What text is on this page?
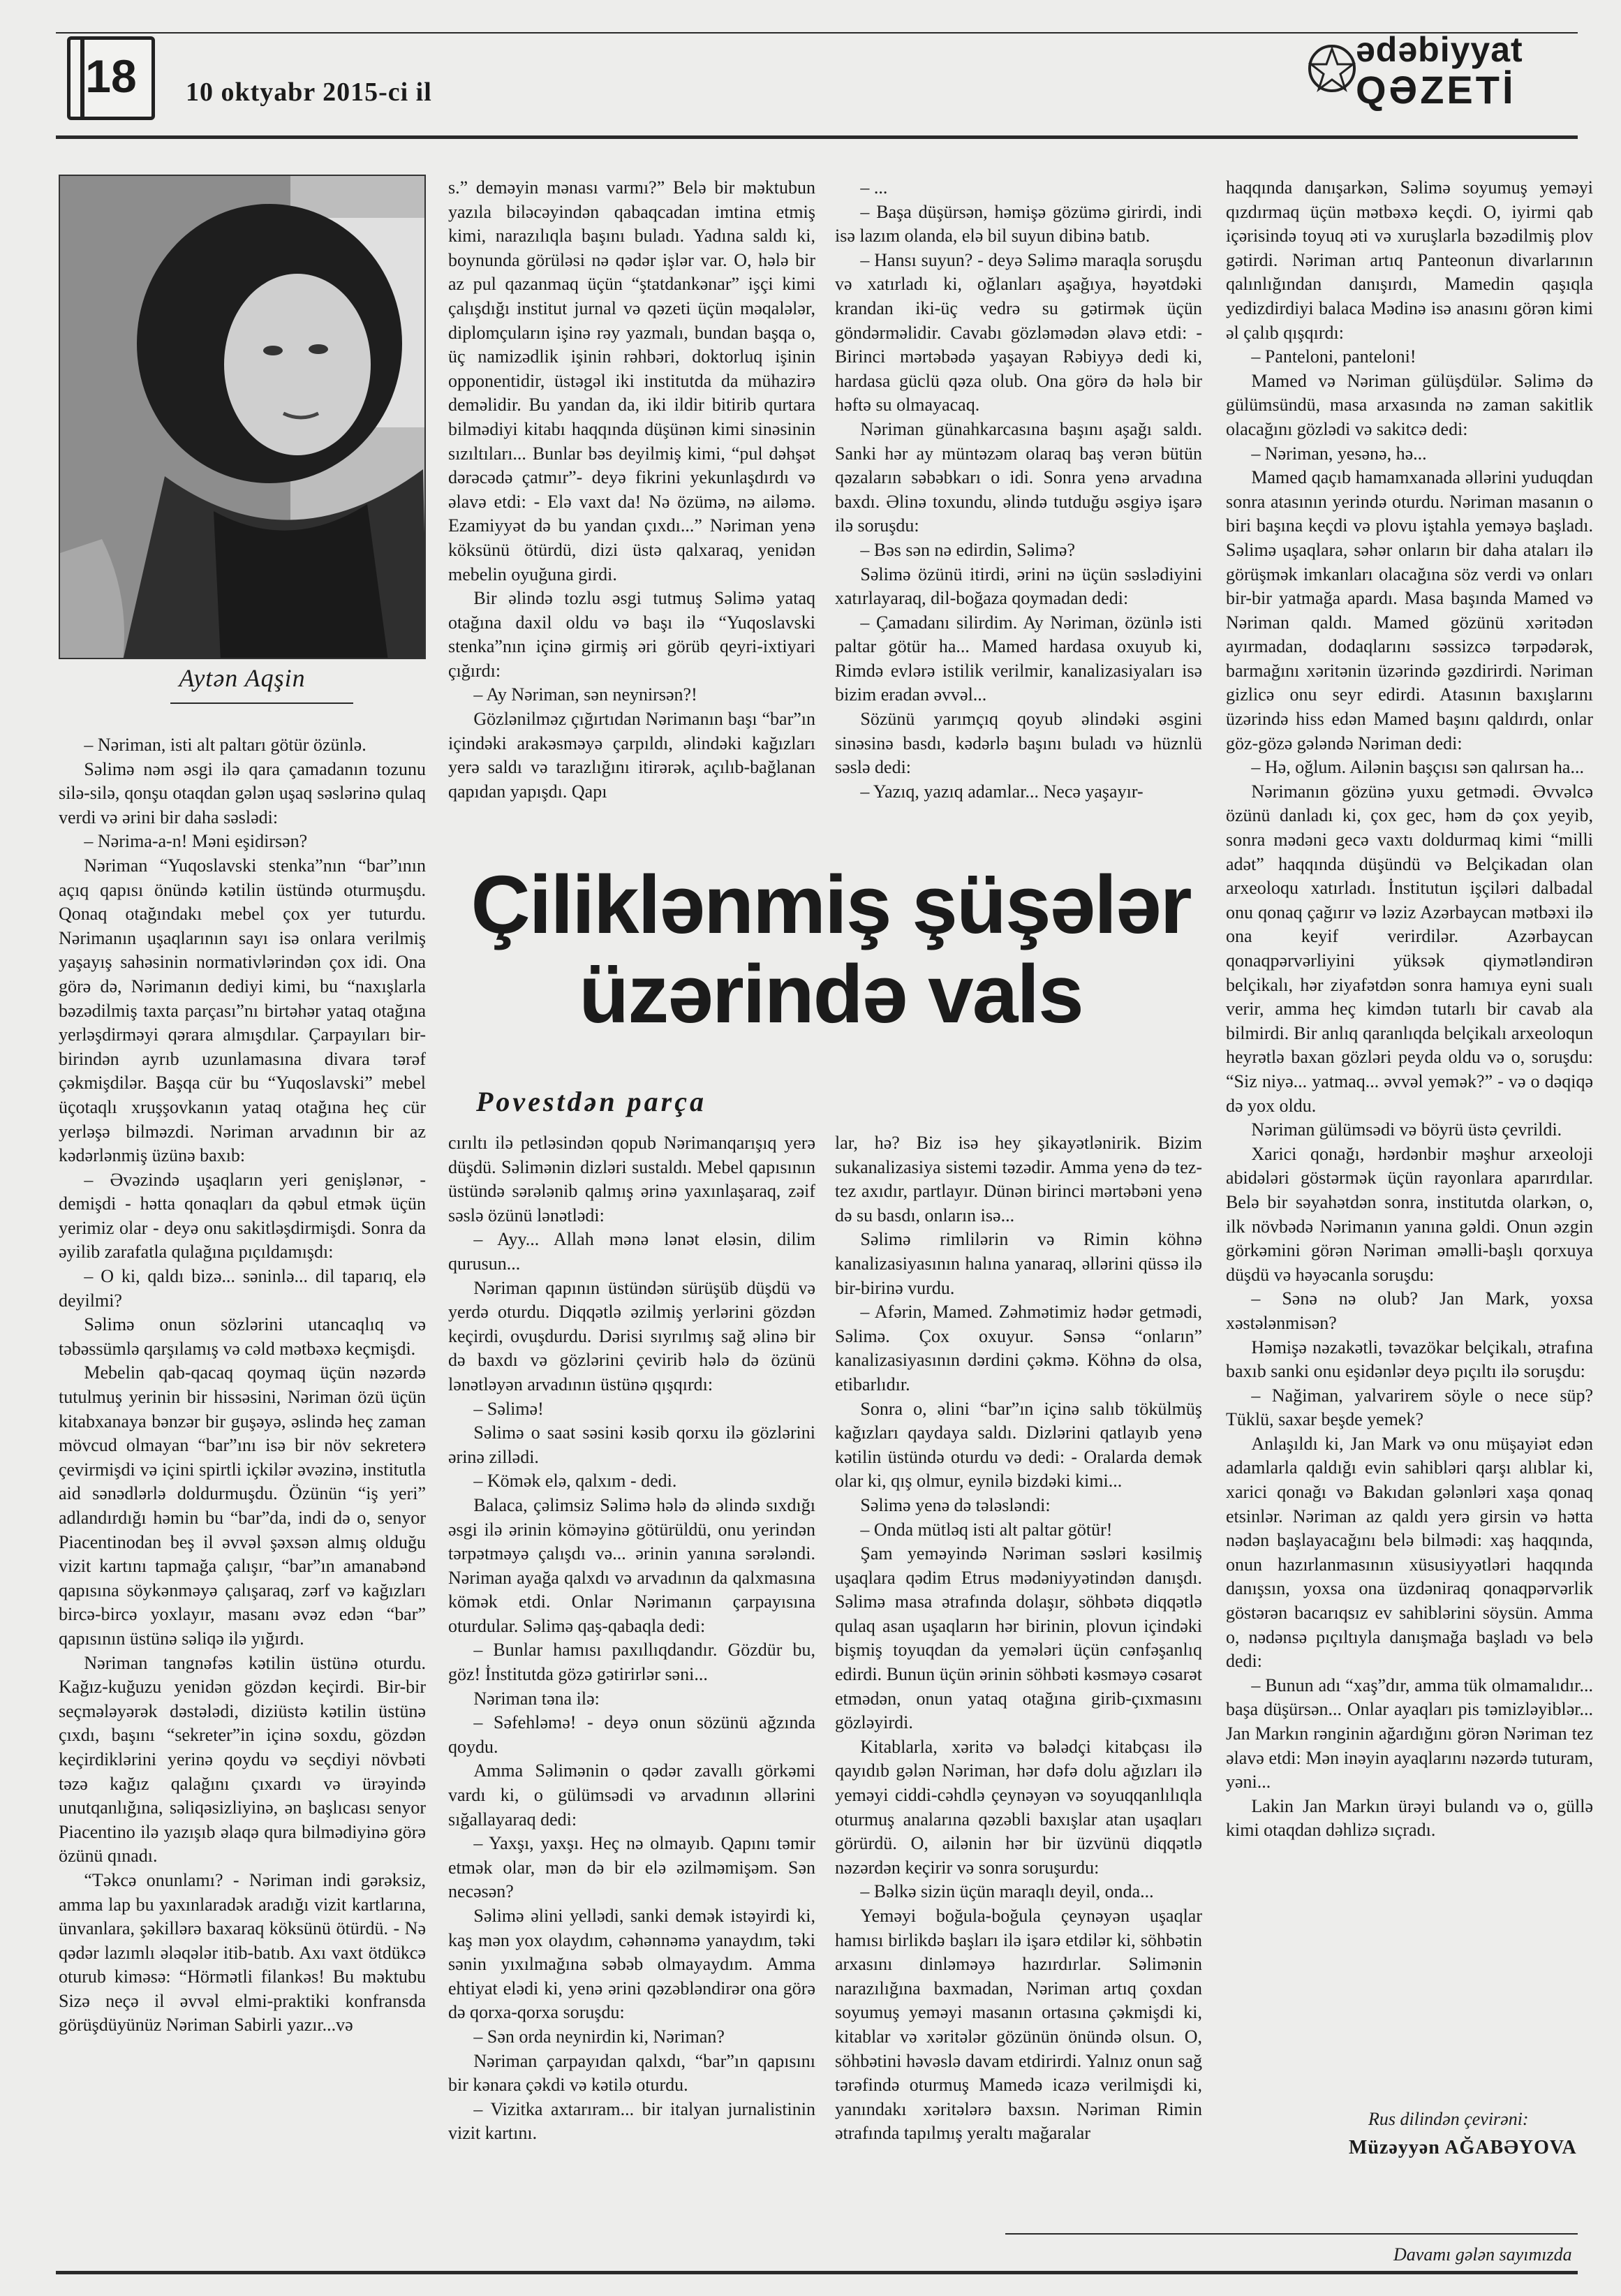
18	10 oktyabr 2015-ci il
ədəbiyyat
QƏZETİ
Aytən Aqşin

– Nəriman, isti alt paltarı götür özünlə.

Səlimə nəm əsgi ilə qara çamadanın tozunu silə-silə, qonşu otaqdan gələn uşaq səslərinə qulaq verdi və ərini bir daha səslədi:

– Nərima-a-n! Məni eşidirsən?

Nəriman “Yuqoslavski stenka”nın “bar”ının açıq qapısı önündə kətilin üstündə oturmuşdu. Qonaq otağındakı mebel çox yer tuturdu. Nərimanın uşaqlarının sayı isə onlara verilmiş yaşayış sahəsinin normativlərindən çox idi. Ona görə də, Nərimanın dediyi kimi, bu “naxışlarla bəzədilmiş taxta parçası”nı birtəhər yataq otağına yerləşdirməyi qərara almışdılar. Çarpayıları bir-birindən ayrıb uzunlamasına divara tərəf çəkmişdilər. Başqa cür bu “Yuqoslavski” mebel üçotaqlı xruşşovkanın yataq otağına heç cür yerləşə bilməzdi. Nəriman arvadının bir az kədərlənmiş üzünə baxıb:

– Əvəzində uşaqların yeri genişlənər, - demişdi - hətta qonaqları da qəbul etmək üçün yerimiz olar - deyə onu sakitləşdirmişdi. Sonra da əyilib zarafatla qulağına pıçıldamışdı:

– O ki, qaldı bizə... səninlə... dil taparıq, elə deyilmi?

Səlimə onun sözlərini utancaqlıq və təbəssümlə qarşılamış və cəld mətbəxə keçmişdi.

Mebelin qab-qacaq qoymaq üçün nəzərdə tutulmuş yerinin bir hissəsini, Nəriman özü üçün kitabxanaya bənzər bir guşəyə, əslində heç zaman mövcud olmayan “bar”ını isə bir növ sekreterə çevirmişdi və içini spirtli içkilər əvəzinə, institutla aid sənədlərlə doldurmuşdu. Özünün “iş yeri” adlandırdığı həmin bu “bar”da, indi də o, senyor Piacentinodan beş il əvvəl şəxsən almış olduğu vizit kartını tapmağa çalışır, “bar”ın amanabənd qapısına söykənməyə çalışaraq, zərf və kağızları bircə-bircə yoxlayır, masanı əvəz edən “bar” qapısının üstünə səliqə ilə yığırdı.

Nəriman tangnəfəs kətilin üstünə oturdu. Kağız-kuğuzu yenidən gözdən keçirdi. Bir-bir seçmələyərək dəstələdi, diziüstə kətilin üstünə çıxdı, başını “sekreter”in içinə soxdu, gözdən keçirdiklərini yerinə qoydu və seçdiyi növbəti təzə kağız qalağını çıxardı və ürəyində unutqanlığına, səliqəsizliyinə, ən başlıcası senyor Piacentino ilə yazışıb əlaqə qura bilmədiyinə görə özünü qınadı.

“Təkcə onunlamı? - Nəriman indi gərəksiz, amma lap bu yaxınlaradək aradığı vizit kartlarına, ünvanlara, şəkillərə baxaraq köksünü ötürdü. - Nə qədər lazımlı ələqələr itib-batıb. Axı vaxt ötdükcə oturub kiməsə: “Hörmətli filankəs! Bu məktubu Sizə neçə il əvvəl elmi-praktiki konfransda görüşdüyünüz Nəriman Sabirli yazır...və

s.” deməyin mənası varmı?” Belə bir məktubun yazıla biləcəyindən qabaqcadan imtina etmiş kimi, narazılıqla başını buladı. Yadına saldı ki, boynunda görüləsi nə qədər işlər var. O, hələ bir az pul qazanmaq üçün “ştatdankənar” işçi kimi çalışdığı institut jurnal və qəzeti üçün məqalələr, diplomçuların işinə rəy yazmalı, bundan başqa o, üç namizədlik işinin rəhbəri, doktorluq işinin opponentidir, üstəgəl iki institutda da mühazirə deməlidir. Bu yandan da, iki ildir bitirib qurtara bilmədiyi kitabı haqqında düşünən kimi sinəsinin sızıltıları... Bunlar bəs deyilmiş kimi, “pul dəhşət dərəcədə çatmır”- deyə fikrini yekunlaşdırdı və əlavə etdi: - Elə vaxt da! Nə özümə, nə ailəmə. Ezamiyyət də bu yandan çıxdı...” Nəriman yenə köksünü ötürdü, dizi üstə qalxaraq, yenidən mebelin oyuğuna girdi.

Bir əlində tozlu əsgi tutmuş Səlimə yataq otağına daxil oldu və başı ilə “Yuqoslavski stenka”nın içinə girmiş əri görüb qeyri-ixtiyari çığırdı:

– Ay Nəriman, sən neynirsən?!

Gözlənilməz çığırtıdan Nərimanın başı “bar”ın içindəki arakəsməyə çarpıldı, əlindəki kağızları yerə saldı və tarazlığını itirərək, açılıb-bağlanan qapıdan yapışdı. Qapı

– ...

– Başa düşürsən, həmişə gözümə girirdi, indi isə lazım olanda, elə bil suyun dibinə batıb.

– Hansı suyun? - deyə Səlimə maraqla soruşdu və xatırladı ki, oğlanları aşağıya, həyətdəki krandan iki-üç vedrə su gətirmək üçün göndərməlidir. Cavabı gözləmədən əlavə etdi: - Birinci mərtəbədə yaşayan Rəbiyyə dedi ki, hardasa güclü qəza olub. Ona görə də hələ bir həftə su olmayacaq.

Nəriman günahkarcasına başını aşağı saldı. Sanki hər ay müntəzəm olaraq baş verən bütün qəzaların səbəbkarı o idi. Sonra yenə arvadına baxdı. Əlinə toxundu, əlində tutduğu əsgiyə işarə ilə soruşdu:

– Bəs sən nə edirdin, Səlimə?

Səlimə özünü itirdi, ərini nə üçün səslədiyini xatırlayaraq, dil-boğaza qoymadan dedi:

– Çamadanı silirdim. Ay Nəriman, özünlə isti paltar götür ha... Mamed hardasa oxuyub ki, Rimdə evlərə istilik verilmir, kanalizasiyaları isə bizim eradan əvvəl...

Sözünü yarımçıq qoyub əlindəki əsgini sinəsinə basdı, kədərlə başını buladı və hüznlü səslə dedi:

– Yazıq, yazıq adamlar... Necə yaşayır-

Çiliklənmiş şüşələr
üzərində vals
Povestdən parça

cırıltı ilə petləsindən qopub Nərimanqarışıq yerə düşdü. Səlimənin dizləri sustaldı. Mebel qapısının üstündə sərələnib qalmış ərinə yaxınlaşaraq, zəif səslə özünü lənətlədi:

– Ayy... Allah mənə lənət eləsin, dilim qurusun...

Nəriman qapının üstündən sürüşüb düşdü və yerdə oturdu. Diqqətlə əzilmiş yerlərini gözdən keçirdi, ovuşdurdu. Dərisi sıyrılmış sağ əlinə bir də baxdı və gözlərini çevirib hələ də özünü lənətləyən arvadının üstünə qışqırdı:

– Səlimə!

Səlimə o saat səsini kəsib qorxu ilə gözlərini ərinə zillədi.

– Kömək elə, qalxım - dedi.

Balaca, çəlimsiz Səlimə hələ də əlində sıxdığı əsgi ilə ərinin köməyinə götürüldü, onu yerindən tərpətməyə çalışdı və... ərinin yanına sərələndi. Nəriman ayağa qalxdı və arvadının da qalxmasına kömək etdi. Onlar Nərimanın çarpayısına oturdular. Səlimə qaş-qabaqla dedi:

– Bunlar hamısı paxıllıqdandır. Gözdür bu, göz! İnstitutda gözə gətirirlər səni...

Nəriman təna ilə:

– Səfehləmə! - deyə onun sözünü ağzında qoydu.

Amma Səlimənin o qədər zavallı görkəmi vardı ki, o gülümsədi və arvadının əllərini sığallayaraq dedi:

– Yaxşı, yaxşı. Heç nə olmayıb. Qapını təmir etmək olar, mən də bir elə əzilməmişəm. Sən necəsən?

Səlimə əlini yellədi, sanki demək istəyirdi ki, kaş mən yox olaydım, cəhənnəmə yanaydım, təki sənin yıxılmağına səbəb olmayaydım. Amma ehtiyat elədi ki, yenə ərini qəzəbləndirər ona görə də qorxa-qorxa soruşdu:

– Sən orda neynirdin ki, Nəriman?

Nəriman çarpayıdan qalxdı, “bar”ın qapısını bir kənara çəkdi və kətilə oturdu.

– Vizitka axtarıram... bir italyan jurnalistinin vizit kartını.

lar, hə? Biz isə hey şikayətlənirik. Bizim sukanalizasiya sistemi təzədir. Amma yenə də tez-tez axıdır, partlayır. Dünən birinci mərtəbəni yenə də su basdı, onların isə...

Səlimə rimlilərin və Rimin köhnə kanalizasiyasının halına yanaraq, əllərini qüssə ilə bir-birinə vurdu.

– Afərin, Mamed. Zəhmətimiz hədər getmədi, Səlimə. Çox oxuyur. Sənsə “onların” kanalizasiyasının dərdini çəkmə. Köhnə də olsa, etibarlıdır.

Sonra o, əlini “bar”ın içinə salıb tökülmüş kağızları qaydaya saldı. Dizlərini qatlayıb yenə kətilin üstündə oturdu və dedi: - Oralarda demək olar ki, qış olmur, eynilə bizdəki kimi...

Səlimə yenə də tələsləndi:

– Onda mütləq isti alt paltar götür!

Şam yeməyində Nəriman səsləri kəsilmiş uşaqlara qədim Etrus mədəniyyətindən danışdı. Səlimə masa ətrafında dolaşır, söhbətə diqqətlə qulaq asan uşaqların hər birinin, plovun içindəki bişmiş toyuqdan da yemələri üçün cənfəşanlıq edirdi. Bunun üçün ərinin söhbəti kəsməyə cəsarət etmədən, onun yataq otağına girib-çıxmasını gözləyirdi.

Kitablarla, xəritə və bələdçi kitabçası ilə qayıdıb gələn Nəriman, hər dəfə dolu ağızları ilə yeməyi ciddi-cəhdlə çeynəyən və soyuqqanlılıqla oturmuş analarına qəzəbli baxışlar atan uşaqları görürdü. O, ailənin hər bir üzvünü diqqətlə nəzərdən keçirir və sonra soruşurdu:

– Bəlkə sizin üçün maraqlı deyil, onda...

Yeməyi boğula-boğula çeynəyən uşaqlar hamısı birlikdə başları ilə işarə etdilər ki, söhbətin arxasını dinləməyə hazırdırlar. Səlimənin narazılığına baxmadan, Nəriman artıq çoxdan soyumuş yeməyi masanın ortasına çəkmişdi ki, kitablar və xəritələr gözünün önündə olsun. O, söhbətini həvəslə davam etdirirdi. Yalnız onun sağ tərəfində oturmuş Mamedə icazə verilmişdi ki, yanındakı xəritələrə baxsın. Nəriman Rimin ətrafında tapılmış yeraltı mağaralar

haqqında danışarkən, Səlimə soyumuş yeməyi qızdırmaq üçün mətbəxə keçdi. O, iyirmi qab içərisində toyuq əti və xuruşlarla bəzədilmiş plov gətirdi. Nəriman artıq Panteonun divarlarının qalınlığından danışırdı, Mamedin qaşıqla yedizdirdiyi balaca Mədinə isə anasını görən kimi əl çalıb qışqırdı:

– Panteloni, panteloni!

Mamed və Nəriman gülüşdülər. Səlimə də gülümsündü, masa arxasında nə zaman sakitlik olacağını gözlədi və sakitcə dedi:

– Nəriman, yesənə, hə...

Mamed qaçıb hamamxanada əllərini yuduqdan sonra atasının yerində oturdu. Nəriman masanın o biri başına keçdi və plovu iştahla yeməyə başladı. Səlimə uşaqlara, səhər onların bir daha ataları ilə görüşmək imkanları olacağına söz verdi və onları bir-bir yatmağa apardı. Masa başında Mamed və Nəriman qaldı. Mamed gözünü xəritədən ayırmadan, dodaqlarını səssizcə tərpədərək, barmağını xəritənin üzərində gəzdirirdi. Nəriman gizlicə onu seyr edirdi. Atasının baxışlarını üzərində hiss edən Mamed başını qaldırdı, onlar göz-gözə gələndə Nəriman dedi:

– Hə, oğlum. Ailənin başçısı sən qalırsan ha...

Nərimanın gözünə yuxu getmədi. Əvvəlcə özünü danladı ki, çox gec, həm də çox yeyib, sonra mədəni gecə vaxtı doldurmaq kimi “milli adət” haqqında düşündü və Belçikadan olan arxeoloqu xatırladı. İnstitutun işçiləri dalbadal onu qonaq çağırır və ləziz Azərbaycan mətbəxi ilə ona keyif verirdilər. Azərbaycan qonaqpərvərliyini yüksək qiymətləndirən belçikalı, hər ziyafətdən sonra hamıya eyni sualı verir, amma heç kimdən tutarlı bir cavab ala bilmirdi. Bir anlıq qaranlıqda belçikalı arxeoloqun heyrətlə baxan gözləri peyda oldu və o, soruşdu: “Siz niyə... yatmaq... əvvəl yemək?” - və o dəqiqə də yox oldu.

Nəriman gülümsədi və böyrü üstə çevrildi.

Xarici qonağı, hərdənbir məşhur arxeoloji abidələri göstərmək üçün rayonlara aparırdılar. Belə bir səyahətdən sonra, institutda olarkən, o, ilk növbədə Nərimanın yanına gəldi. Onun əzgin görkəmini görən Nəriman əməlli-başlı qorxuya düşdü və həyəcanla soruşdu:

– Sənə nə olub? Jan Mark, yoxsa xəstələnmisən?

Həmişə nəzakətli, təvazökar belçikalı, ətrafına baxıb sanki onu eşidənlər deyə pıçıltı ilə soruşdu:

– Nağiman, yalvarirem söyle o nece süp? Tüklü, saxar beşde yemek?

Anlaşıldı ki, Jan Mark və onu müşayiət edən adamlarla qaldığı evin sahibləri qarşı alıblar ki, xarici qonağı və Bakıdan gələnləri xaşa qonaq etsinlər. Nəriman az qaldı yerə girsin və hətta nədən başlayacağını belə bilmədi: xaş haqqında, onun hazırlanmasının xüsusiyyətləri haqqında danışsın, yoxsa ona üzdəniraq qonaqpərvərlik göstərən bacarıqsız ev sahiblərini söysün. Amma o, nədənsə pıçıltıyla danışmağa başladı və belə dedi:

– Bunun adı “xaş”dır, amma tük olmamalıdır... başa düşürsən... Onlar ayaqları pis təmizləyiblər... Jan Markın rənginin ağardığını görən Nəriman tez əlavə etdi: Mən inəyin ayaqlarını nəzərdə tuturam, yəni...

Lakin Jan Markın ürəyi bulandı və o, güllə kimi otaqdan dəhlizə sıçradı.

Rus dilindən çevirəni:
Müzəyyən AĞABƏYOVA
Davamı gələn sayımızda
